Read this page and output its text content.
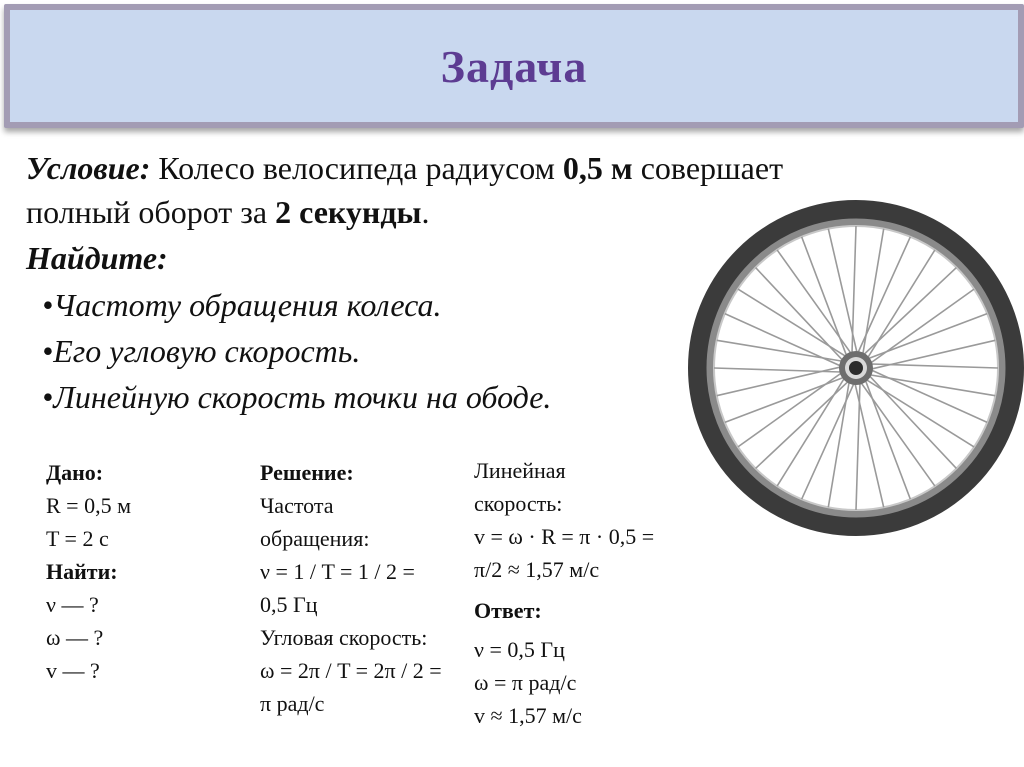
Задача
Условие: Колесо велосипеда радиусом 0,5 м совершает
полный оборот за 2 секунды.
Найдите:
•Частоту обращения колеса.
•Его угловую скорость.
•Линейную скорость точки на ободе.
Дано:
R = 0,5 м
T = 2 с
Найти:
ν — ?
ω — ?
v — ?
Решение:
Частота
обращения:
ν = 1 / T = 1 / 2 =
0,5 Гц
Угловая скорость:
ω = 2π / T = 2π / 2 =
π рад/с
Линейная
скорость:
v = ω · R = π · 0,5 =
π/2 ≈ 1,57 м/с
Ответ:
ν = 0,5 Гц
ω = π рад/с
v ≈ 1,57 м/с
